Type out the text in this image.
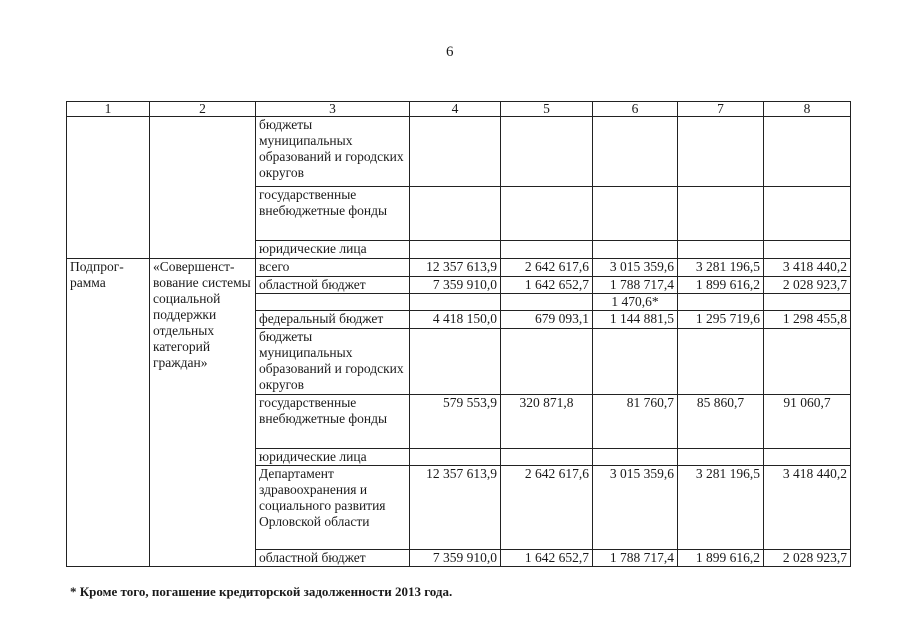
6
1	2	3	4	5	6	7	8
		бюджеты муниципальных образований и городских округов					
		государственные внебюджетные фонды					
		юридические лица					
Подпрог-рамма	«Совершенст-вование системы социальной поддержки отдельных категорий граждан»	всего	12 357 613,9	2 642 617,6	3 015 359,6	3 281 196,5	3 418 440,2
		областной бюджет	7 359 910,0	1 642 652,7	1 788 717,4	1 899 616,2	2 028 923,7
					1 470,6*		
		федеральный бюджет	4 418 150,0	679 093,1	1 144 881,5	1 295 719,6	1 298 455,8
		бюджеты муниципальных образований и городских округов					
		государственные внебюджетные фонды	579 553,9	320 871,8	81 760,7	85 860,7	91 060,7
		юридические лица					
		Департамент здравоохранения и социального развития Орловской области	12 357 613,9	2 642 617,6	3 015 359,6	3 281 196,5	3 418 440,2
		областной бюджет	7 359 910,0	1 642 652,7	1 788 717,4	1 899 616,2	2 028 923,7
* Кроме того, погашение кредиторской задолженности 2013 года.
